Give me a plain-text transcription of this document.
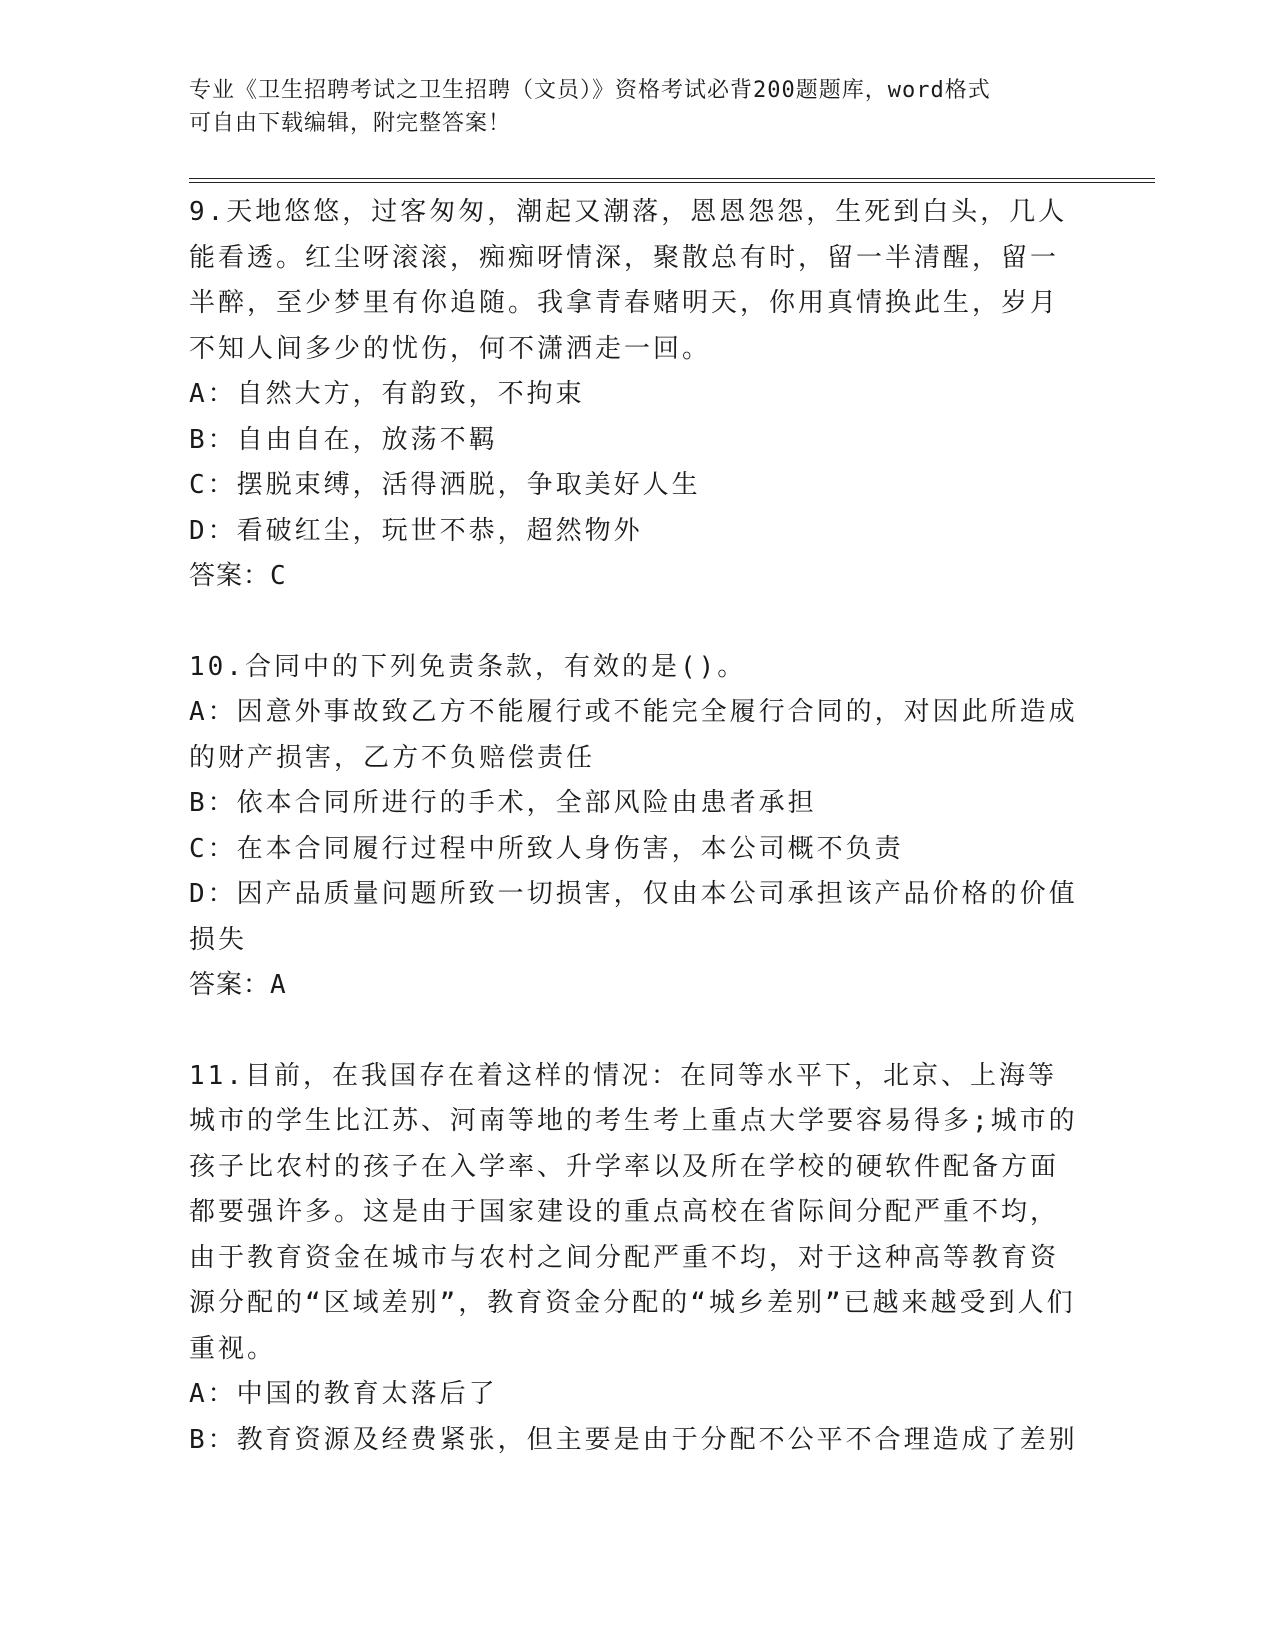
专业《卫生招聘考试之卫生招聘（文员）》资格考试必背200题题库，word格式
可自由下载编辑，附完整答案！

9.天地悠悠，过客匆匆，潮起又潮落，恩恩怨怨，生死到白头，几人能看透。红尘呀滚滚，痴痴呀情深，聚散总有时，留一半清醒，留一半醉，至少梦里有你追随。我拿青春赌明天，你用真情换此生，岁月不知人间多少的忧伤，何不潇洒走一回。

A：自然大方，有韵致，不拘束

B：自由自在，放荡不羁

C：摆脱束缚，活得洒脱，争取美好人生

D：看破红尘，玩世不恭，超然物外

答案：C

10.合同中的下列免责条款，有效的是()。

A：因意外事故致乙方不能履行或不能完全履行合同的，对因此所造成的财产损害，乙方不负赔偿责任

B：依本合同所进行的手术，全部风险由患者承担

C：在本合同履行过程中所致人身伤害，本公司概不负责

D：因产品质量问题所致一切损害，仅由本公司承担该产品价格的价值损失

答案：A

11.目前，在我国存在着这样的情况：在同等水平下，北京、上海等城市的学生比江苏、河南等地的考生考上重点大学要容易得多;城市的孩子比农村的孩子在入学率、升学率以及所在学校的硬软件配备方面都要强许多。这是由于国家建设的重点高校在省际间分配严重不均，由于教育资金在城市与农村之间分配严重不均，对于这种高等教育资源分配的“区域差别”，教育资金分配的“城乡差别”已越来越受到人们重视。

A：中国的教育太落后了

B：教育资源及经费紧张，但主要是由于分配不公平不合理造成了差别
